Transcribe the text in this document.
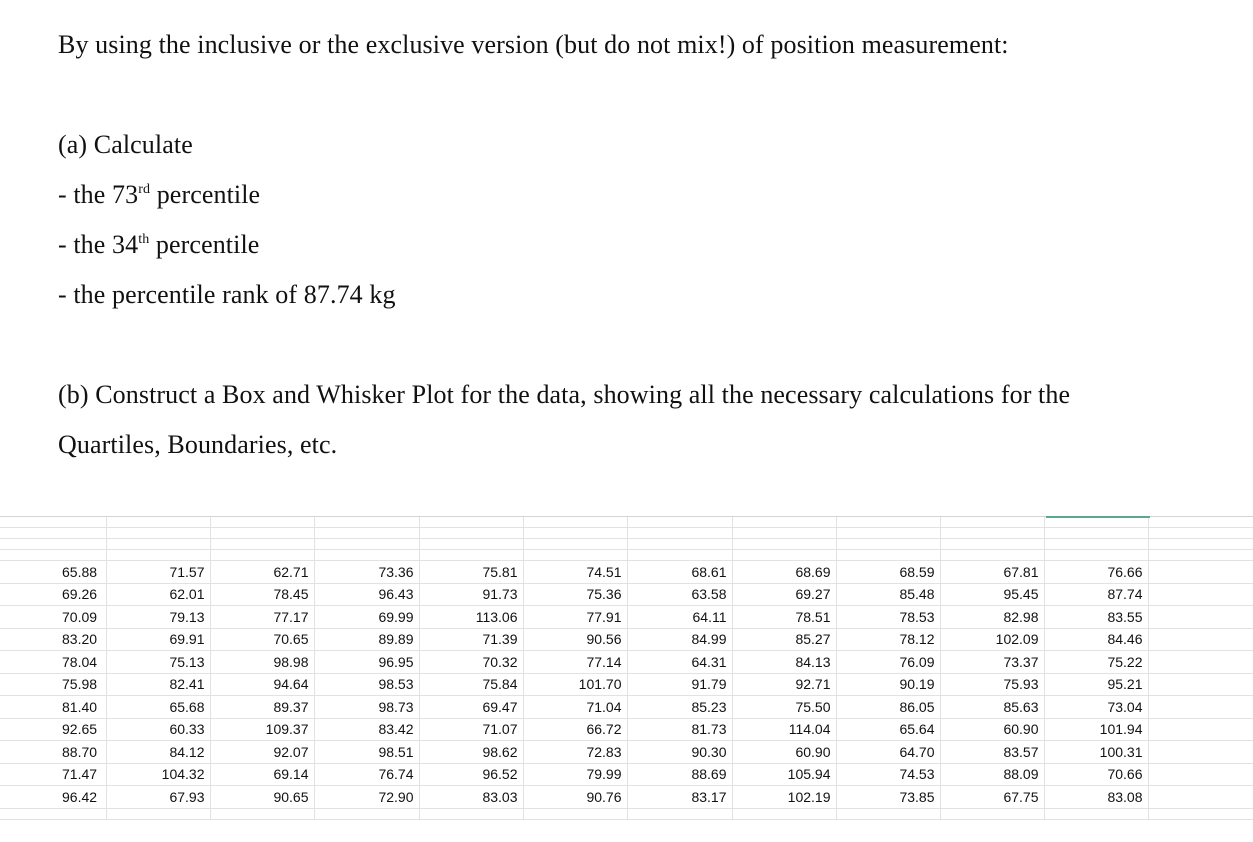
By using the inclusive or the exclusive version (but do not mix!) of position measurement:
(a) Calculate
- the 73rd percentile
- the 34th percentile
- the percentile rank of 87.74 kg
(b) Construct a Box and Whisker Plot for the data, showing all the necessary calculations for the
Quartiles, Boundaries, etc.

65.88	71.57	62.71	73.36	75.81	74.51	68.61	68.69	68.59	67.81	76.66	
69.26	62.01	78.45	96.43	91.73	75.36	63.58	69.27	85.48	95.45	87.74	
70.09	79.13	77.17	69.99	113.06	77.91	64.11	78.51	78.53	82.98	83.55	
83.20	69.91	70.65	89.89	71.39	90.56	84.99	85.27	78.12	102.09	84.46	
78.04	75.13	98.98	96.95	70.32	77.14	64.31	84.13	76.09	73.37	75.22	
75.98	82.41	94.64	98.53	75.84	101.70	91.79	92.71	90.19	75.93	95.21	
81.40	65.68	89.37	98.73	69.47	71.04	85.23	75.50	86.05	85.63	73.04	
92.65	60.33	109.37	83.42	71.07	66.72	81.73	114.04	65.64	60.90	101.94	
88.70	84.12	92.07	98.51	98.62	72.83	90.30	60.90	64.70	83.57	100.31	
71.47	104.32	69.14	76.74	96.52	79.99	88.69	105.94	74.53	88.09	70.66	
96.42	67.93	90.65	72.90	83.03	90.76	83.17	102.19	73.85	67.75	83.08	
